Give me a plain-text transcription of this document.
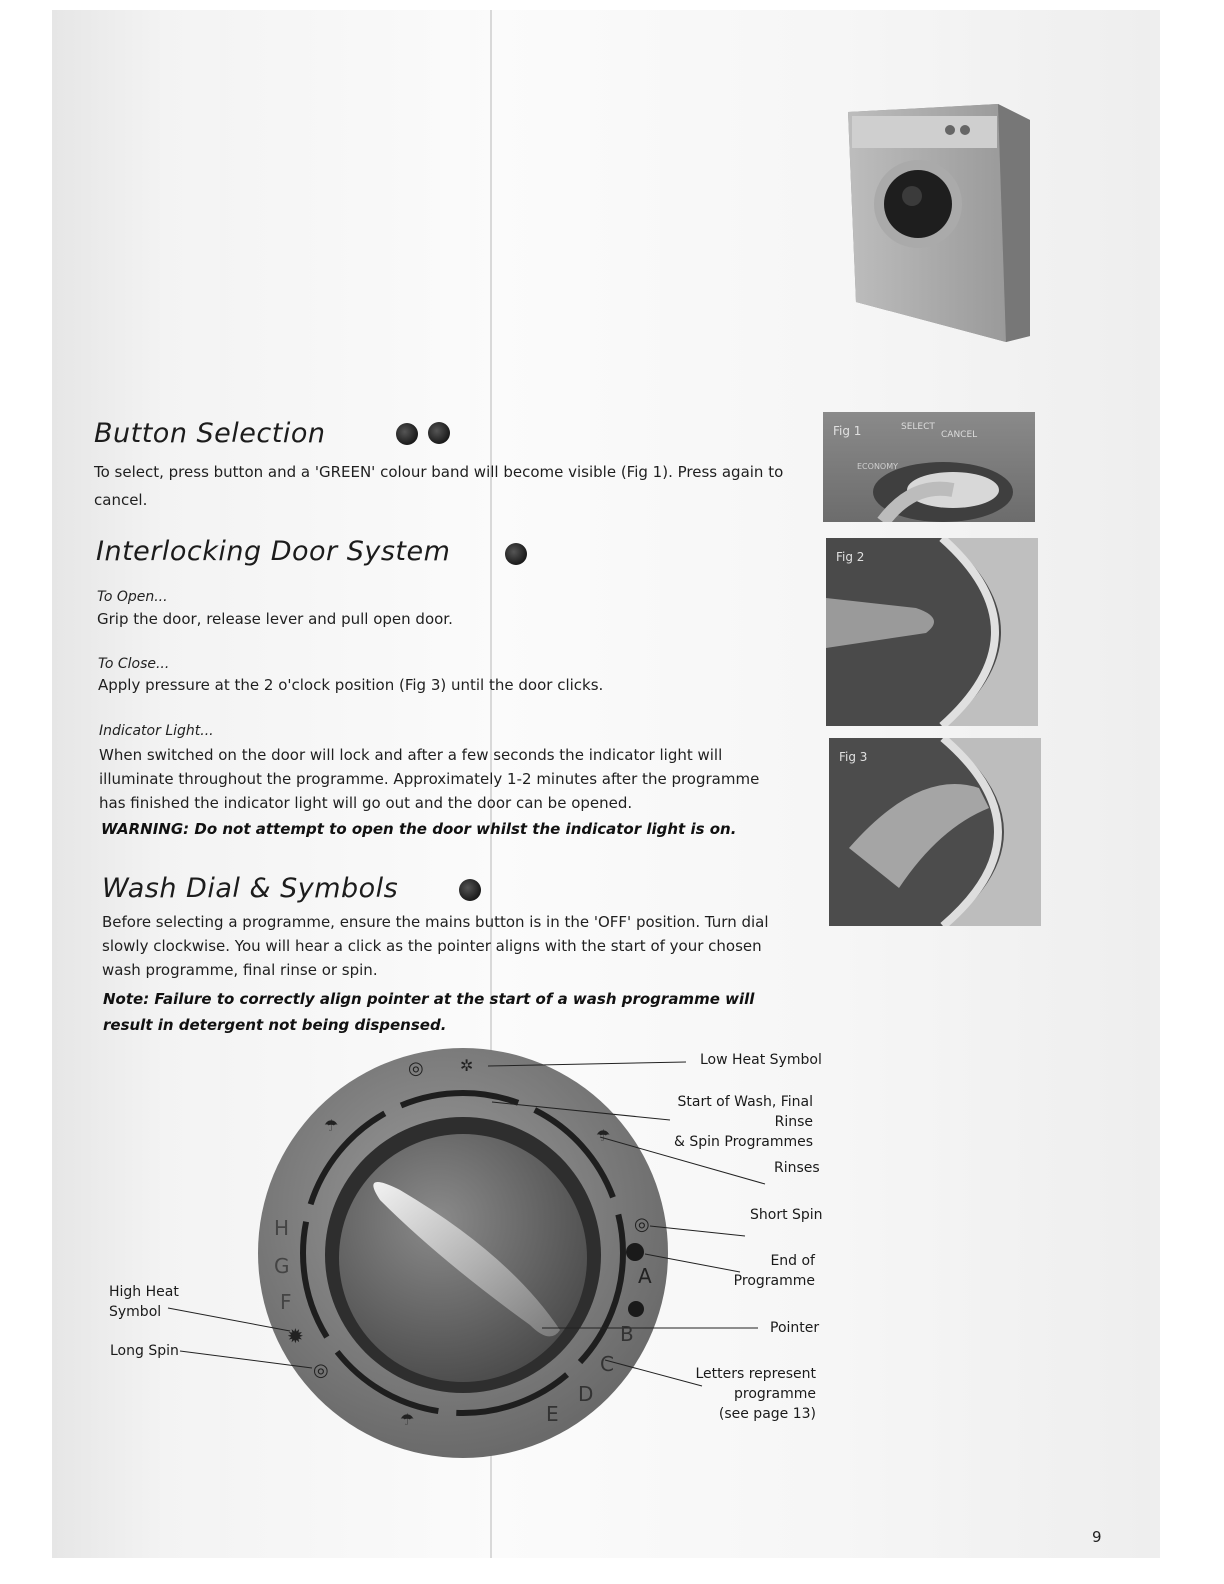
Button Selection

To select, press button and a 'GREEN' colour band will become visible (Fig 1). Press again to cancel.

Interlocking Door System

To Open...

Grip the door, release lever and pull open door.

To Close...

Apply pressure at the 2 o'clock position (Fig 3) until the door clicks.

Indicator Light...

When switched on the door will lock and after a few seconds the indicator light will illuminate throughout the programme. Approximately 1-2 minutes after the programme has finished the indicator light will go out and the door can be opened.

WARNING: Do not attempt to open the door whilst the indicator light is on.

Wash Dial & Symbols

Before selecting a programme, ensure the mains button is in the 'OFF' position. Turn dial slowly clockwise. You will hear a click as the pointer aligns with the start of your chosen wash programme, final rinse or spin.

Note: Failure to correctly align pointer at the start of a wash programme will result in detergent not being dispensed.

Fig 1	SELECT
CANCEL
ECONOMY
Fig 2
Fig 3
A
B
C
D
E
F
G
H
◎ ✲
☂
☂
◎
✹
◎
☂
Low Heat Symbol
Start of Wash, Final Rinse
& Spin Programmes
Rinses
Short Spin
End of
Programme
Pointer
Letters represent
programme
(see page 13)
High Heat
Symbol
Long Spin
9
